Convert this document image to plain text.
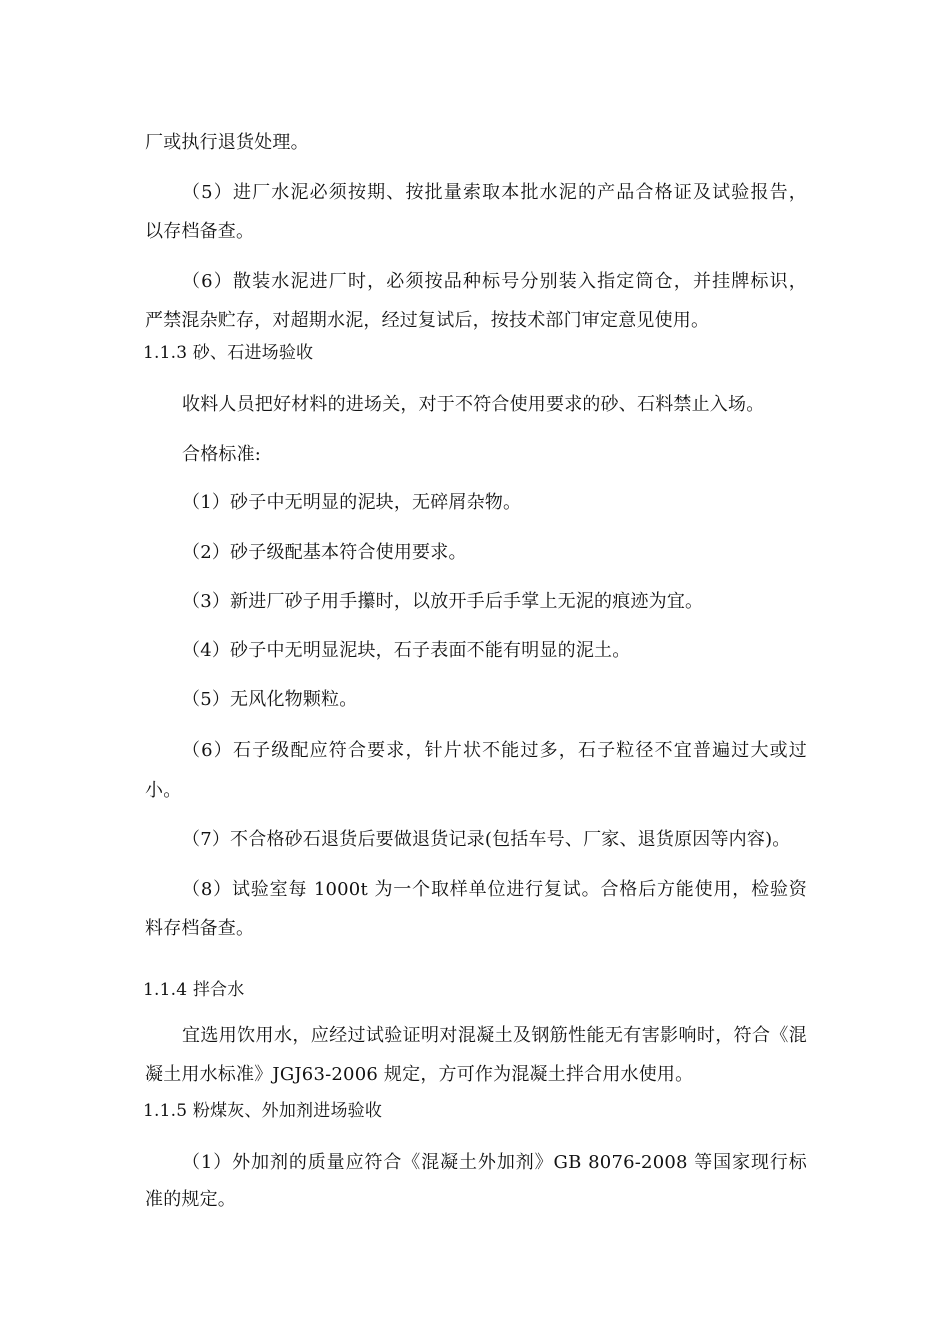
厂或执行退货处理。

（5）进厂水泥必须按期、按批量索取本批水泥的产品合格证及试验报告，

以存档备查。

（6）散装水泥进厂时，必须按品种标号分别装入指定筒仓，并挂牌标识，

严禁混杂贮存，对超期水泥，经过复试后，按技术部门审定意见使用。

1.1.3 砂、石进场验收

收料人员把好材料的进场关，对于不符合使用要求的砂、石料禁止入场。

合格标准:

（1）砂子中无明显的泥块，无碎屑杂物。

（2）砂子级配基本符合使用要求。

（3）新进厂砂子用手攥时，以放开手后手掌上无泥的痕迹为宜。

（4）砂子中无明显泥块，石子表面不能有明显的泥土。

（5）无风化物颗粒。

（6）石子级配应符合要求，针片状不能过多，石子粒径不宜普遍过大或过

小。

（7）不合格砂石退货后要做退货记录(包括车号、厂家、退货原因等内容)。

（8）试验室每 1000t 为一个取样单位进行复试。合格后方能使用，检验资

料存档备查。

1.1.4 拌合水

宜选用饮用水，应经过试验证明对混凝土及钢筋性能无有害影响时，符合《混

凝土用水标准》JGJ63-2006 规定，方可作为混凝土拌合用水使用。

1.1.5 粉煤灰、外加剂进场验收

（1）外加剂的质量应符合《混凝土外加剂》GB 8076-2008 等国家现行标

准的规定。
